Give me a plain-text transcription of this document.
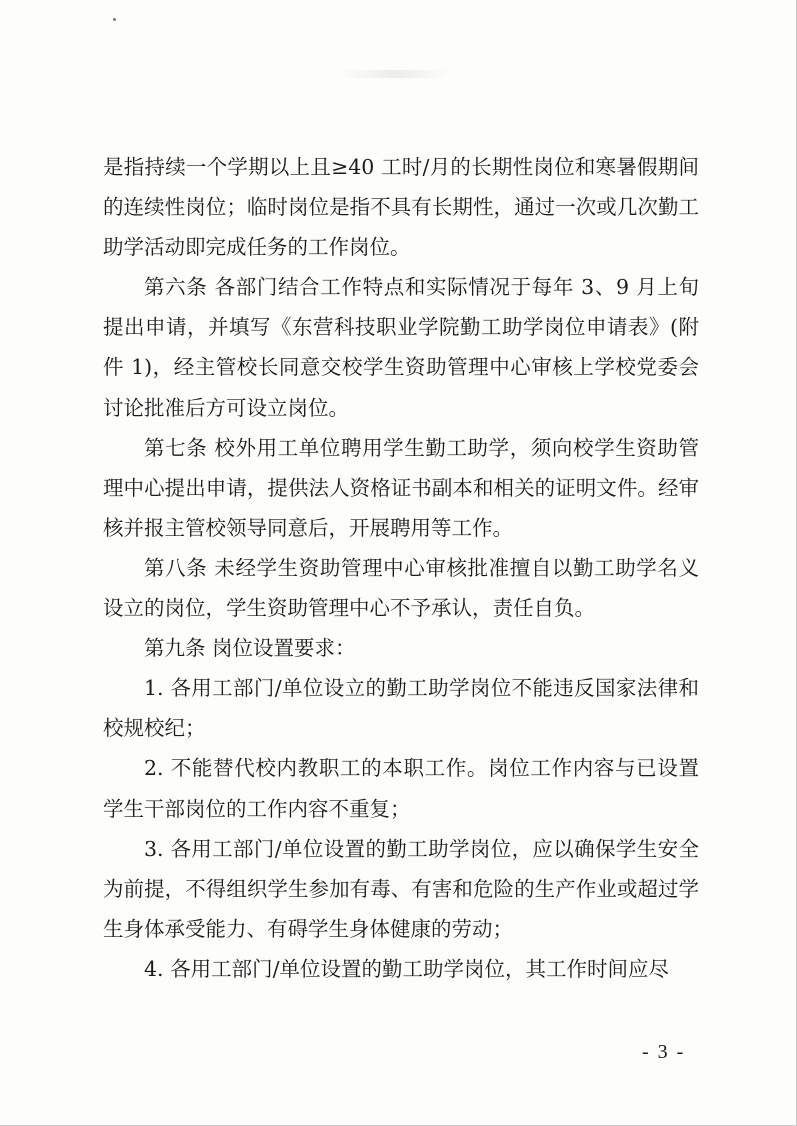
是指持续一个学期以上且≥40 工时/月的长期性岗位和寒暑假期间的连续性岗位；临时岗位是指不具有长期性，通过一次或几次勤工助学活动即完成任务的工作岗位。

第六条 各部门结合工作特点和实际情况于每年 3、9 月上旬提出申请，并填写《东营科技职业学院勤工助学岗位申请表》(附件 1)，经主管校长同意交校学生资助管理中心审核上学校党委会讨论批准后方可设立岗位。

第七条 校外用工单位聘用学生勤工助学，须向校学生资助管理中心提出申请，提供法人资格证书副本和相关的证明文件。经审核并报主管校领导同意后，开展聘用等工作。

第八条 未经学生资助管理中心审核批准擅自以勤工助学名义设立的岗位，学生资助管理中心不予承认，责任自负。

第九条 岗位设置要求：

1. 各用工部门/单位设立的勤工助学岗位不能违反国家法律和校规校纪；

2. 不能替代校内教职工的本职工作。岗位工作内容与已设置学生干部岗位的工作内容不重复；

3. 各用工部门/单位设置的勤工助学岗位，应以确保学生安全为前提，不得组织学生参加有毒、有害和危险的生产作业或超过学生身体承受能力、有碍学生身体健康的劳动；

4. 各用工部门/单位设置的勤工助学岗位，其工作时间应尽

- 3 -
